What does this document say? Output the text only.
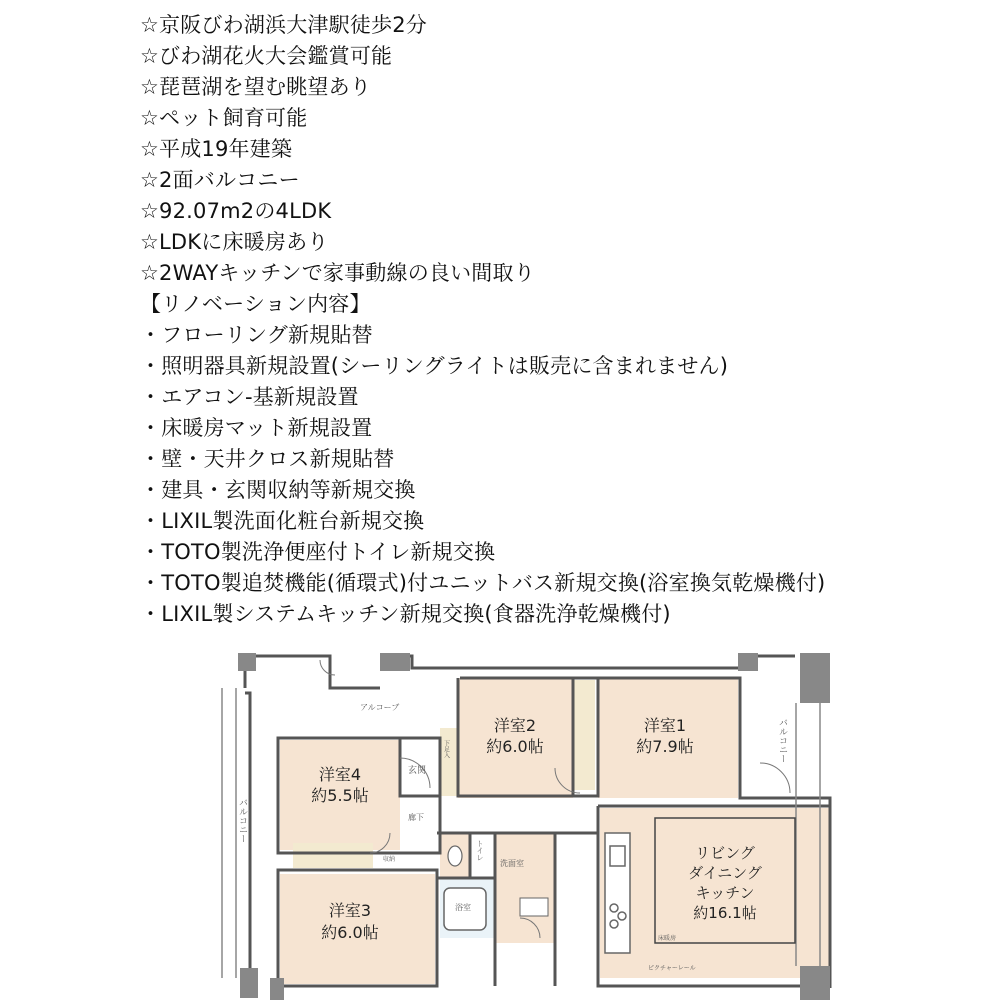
☆京阪びわ湖浜大津駅徒歩2分
☆びわ湖花火大会鑑賞可能
☆琵琶湖を望む眺望あり
☆ペット飼育可能
☆平成19年建築
☆2面バルコニー
☆92.07m2の4LDK
☆LDKに床暖房あり
☆2WAYキッチンで家事動線の良い間取り
【リノベーション内容】
・フローリング新規貼替
・照明器具新規設置(シーリングライトは販売に含まれません)
・エアコン-基新規設置
・床暖房マット新規設置
・壁・天井クロス新規貼替
・建具・玄関収納等新規交換
・LIXIL製洗面化粧台新規交換
・TOTO製洗浄便座付トイレ新規交換
・TOTO製追焚機能(循環式)付ユニットバス新規交換(浴室換気乾燥機付)
・LIXIL製システムキッチン新規交換(食器洗浄乾燥機付)
洋室2
約6.0帖
洋室1
約7.9帖
洋室4
約5.5帖
洋室3
約6.0帖
リビング
ダイニング
キッチン
約16.1帖
アルコーブ
玄関
廊下
洗面室
浴室
床暖房
ピクチャーレール
バルコニー
バルコニー
トイレ
下足入
収納
